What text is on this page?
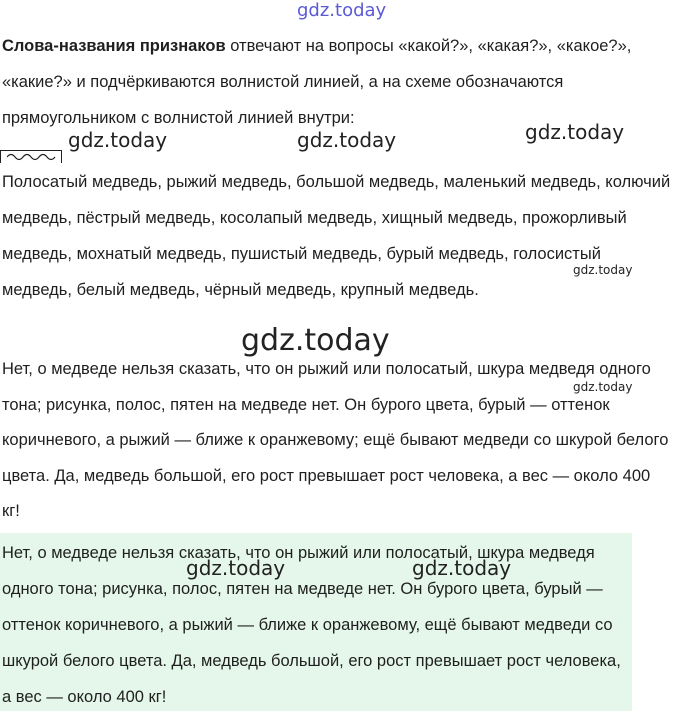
gdz.today

Слова-названия признаков отвечают на вопросы «какой?», «какая?», «какое?», «какие?» и подчёркиваются волнистой линией, а на схеме обозначаются прямоугольником с волнистой линией внутри:

gdz.today	gdz.today	gdz.today

Полосатый медведь, рыжий медведь, большой медведь, маленький медведь, колючий медведь, пёстрый медведь, косолапый медведь, хищный медведь, прожорливый медведь, мохнатый медведь, пушистый медведь, бурый медведь, голосистый медведь, белый медведь, чёрный медведь, крупный медведь.

gdz.today
gdz.today

Нет, о медведе нельзя сказать, что он рыжий или полосатый, шкура медведя одного тона; рисунка, полос, пятен на медведе нет. Он бурого цвета, бурый — оттенок коричневого, а рыжий — ближе к оранжевому; ещё бывают медведи со шкурой белого цвета. Да, медведь большой, его рост превышает рост человека, а вес — около 400 кг!

gdz.today

Нет, о медведе нельзя сказать, что он рыжий или полосатый, шкура медведя одного тона; рисунка, полос, пятен на медведе нет. Он бурого цвета, бурый — оттенок коричневого, а рыжий — ближе к оранжевому, ещё бывают медведи со шкурой белого цвета. Да, медведь большой, его рост превышает рост человека, а вес — около 400 кг!

gdz.today	gdz.today
